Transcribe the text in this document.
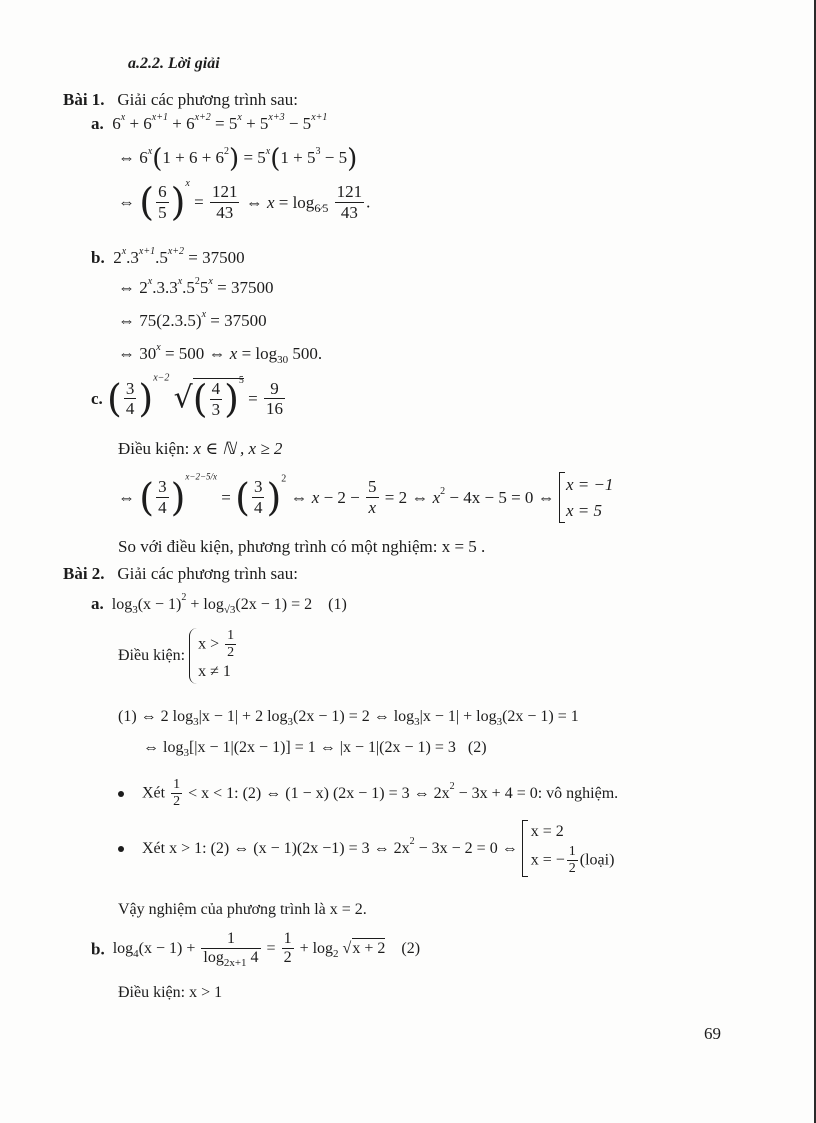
a.2.2. Lời giải
Bài 1. Giải các phương trình sau:
a. $6^x + 6^{x+1} + 6^{x+2} = 5^x + 5^{x+3} - 5^{x+1}$
⇔ $6^x(1 + 6 + 6^2) = 5^x(1 + 5^3 - 5)$
⇔ ( $\frac{6}{5} )^x = \frac{121}{43}$ ⇔ $x = \log_{6⁄5} \frac{121}{43}$ .
b.  $2^x.3^{x+1}.5^{x+2} = 37500$
⇔ $2^x.3.3^x.5^25^x = 37500$
⇔ $75(2.3.5)^x = 37500$
⇔ $30^x = 500$ ⇔ $x = \log_{30} 500$.
c. ( $\frac{3}{4} )^{x-2}$ √( $\frac{4}{3} )^5 = \frac{9}{16}$
Điều kiện: x ∈ ℕ , x ≥ 2
⇔ ( $\frac{3}{4} )^{x-2-5/x}$ = ( $\frac{3}{4} )^2$ ⇔ $x - 2 - \frac{5}{x} = 2$ ⇔ $x^2 - 4x - 5 = 0$ ⇔
x = −1
x = 5
So với điều kiện, phương trình có một nghiệm: x = 5 .
Bài 2. Giải các phương trình sau:
a.  $\log_3(x - 1)^2 + \log_{√3}(2x - 1) = 2$    (1)
Điều kiện:
$x > \frac{1}{2}$
x ≠ 1
(1) ⇔ 2 $\log_3|x - 1| + 2$ $\log_3(2x - 1) = 2$ ⇔ $\log_3|x - 1| + \log_3(2x - 1) = 1$
⇔ $\log_3[|x - 1|(2x - 1)] = 1$ ⇔ |x − 1|(2x − 1) = 3   (2)
Xét $\frac{1}{2} < x < 1$: (2) ⇔ (1 − x) (2x − 1) = 3 ⇔ $2x^2 - 3x + 4 = 0$: vô nghiệm.
Xét x > 1: (2) ⇔ (x − 1)(2x −1) = 3 ⇔ $2x^2 - 3x - 2 = 0$ ⇔
x = 2
x = − $\frac{1}{2}$ (loại)
Vậy nghiệm của phương trình là x = 2.
b. $\log_4(x - 1) + \frac{1}{\log_{2x+1} 4} = \frac{1}{2} + \log_2 √x + 2$    (2)
Điều kiện: x > 1
69
